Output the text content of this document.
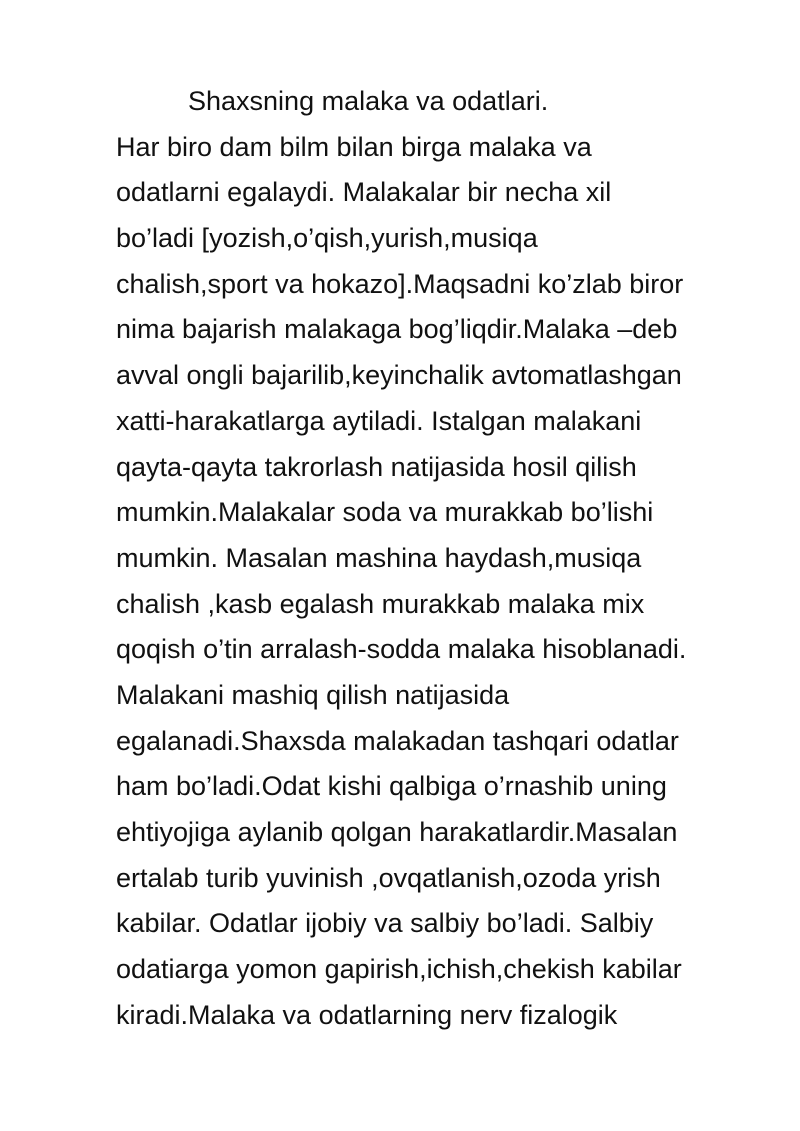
Shaxsning malaka va odatlari.
Har biro dam bilm bilan birga malaka va
odatlarni egalaydi. Malakalar bir necha xil
bo’ladi [yozish,o’qish,yurish,musiqa
chalish,sport va hokazo].Maqsadni ko’zlab biror
nima bajarish malakaga bog’liqdir.Malaka –deb
avval ongli bajarilib,keyinchalik avtomatlashgan
xatti-harakatlarga aytiladi. Istalgan malakani
qayta-qayta takrorlash natijasida hosil qilish
mumkin.Malakalar soda va murakkab bo’lishi
mumkin. Masalan mashina haydash,musiqa
chalish ,kasb egalash murakkab malaka mix
qoqish o’tin arralash-sodda malaka hisoblanadi.
Malakani mashiq qilish natijasida
egalanadi.Shaxsda malakadan tashqari odatlar
ham bo’ladi.Odat kishi qalbiga o’rnashib uning
ehtiyojiga aylanib qolgan harakatlardir.Masalan
ertalab turib yuvinish ,ovqatlanish,ozoda yrish
kabilar. Odatlar ijobiy va salbiy bo’ladi. Salbiy
odatiarga yomon gapirish,ichish,chekish kabilar
kiradi.Malaka va odatlarning nerv fizalogik
